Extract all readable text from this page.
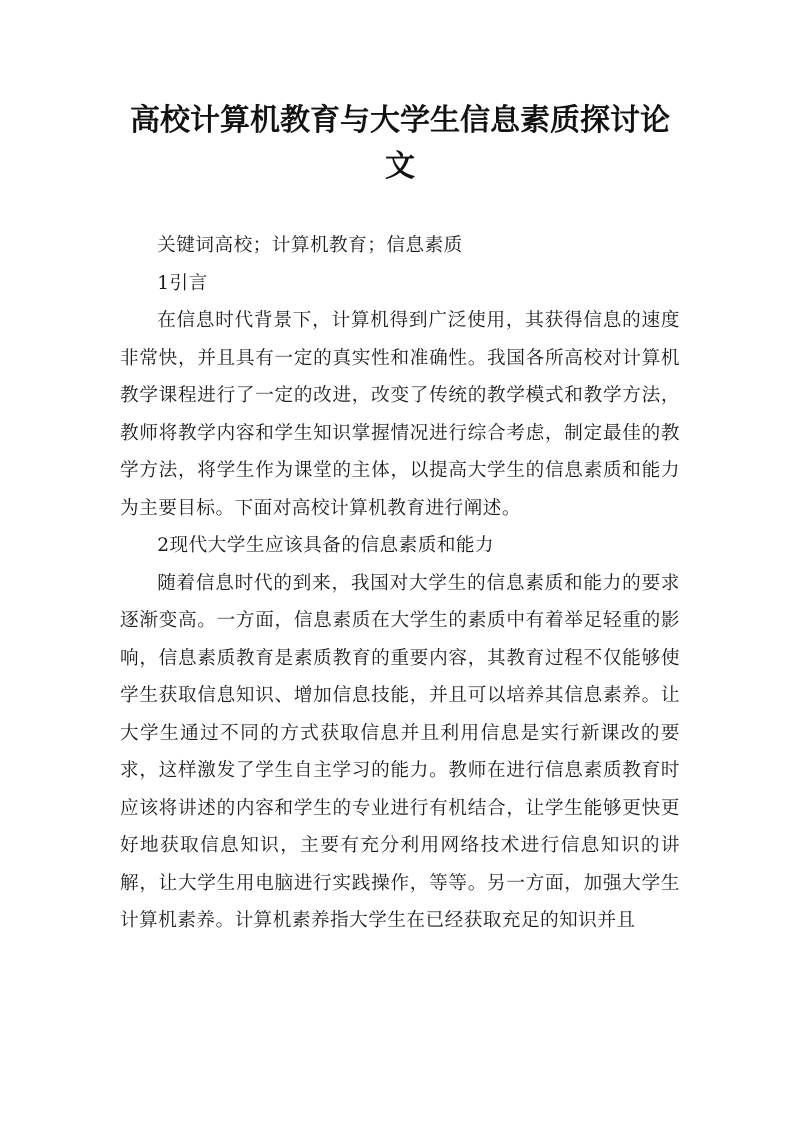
高校计算机教育与大学生信息素质探讨论文

关键词高校；计算机教育；信息素质

1引言

在信息时代背景下，计算机得到广泛使用，其获得信息的速度非常快，并且具有一定的真实性和准确性。我国各所高校对计算机教学课程进行了一定的改进，改变了传统的教学模式和教学方法，教师将教学内容和学生知识掌握情况进行综合考虑，制定最佳的教学方法，将学生作为课堂的主体，以提高大学生的信息素质和能力为主要目标。下面对高校计算机教育进行阐述。

2现代大学生应该具备的信息素质和能力

随着信息时代的到来，我国对大学生的信息素质和能力的要求逐渐变高。一方面，信息素质在大学生的素质中有着举足轻重的影响，信息素质教育是素质教育的重要内容，其教育过程不仅能够使学生获取信息知识、增加信息技能，并且可以培养其信息素养。让大学生通过不同的方式获取信息并且利用信息是实行新课改的要求，这样激发了学生自主学习的能力。教师在进行信息素质教育时应该将讲述的内容和学生的专业进行有机结合，让学生能够更快更好地获取信息知识，主要有充分利用网络技术进行信息知识的讲解，让大学生用电脑进行实践操作，等等。另一方面，加强大学生计算机素养。计算机素养指大学生在已经获取充足的知识并且
